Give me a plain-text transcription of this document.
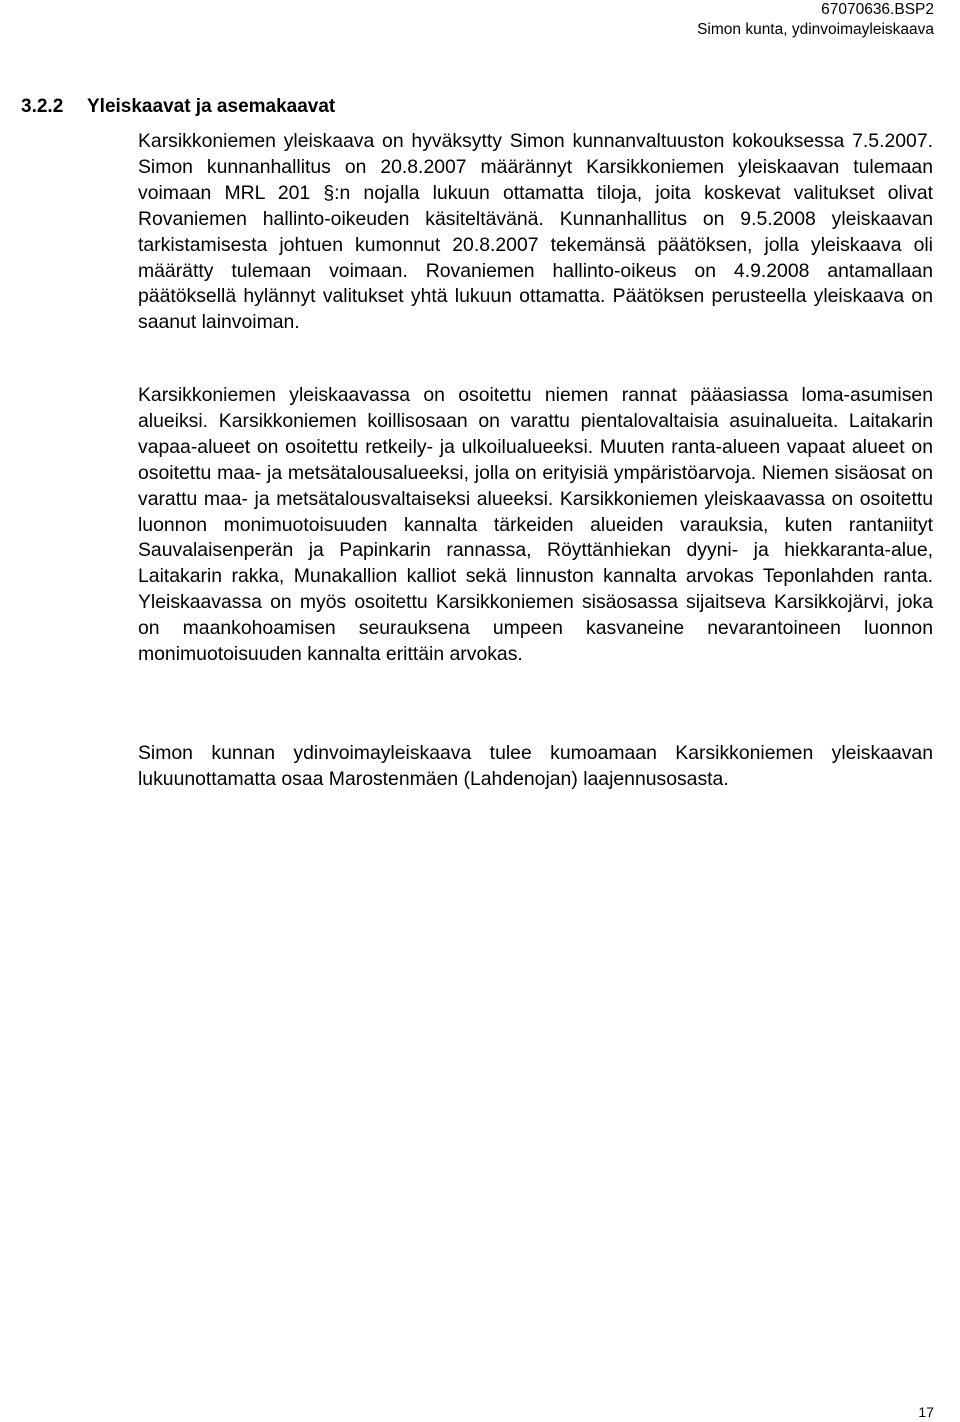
67070636.BSP2
Simon kunta, ydinvoimayleiskaava
3.2.2 Yleiskaavat ja asemakaavat

Karsikkoniemen yleiskaava on hyväksytty Simon kunnanvaltuuston kokouksessa 7.5.2007. Simon kunnanhallitus on 20.8.2007 määrännyt Karsikkoniemen yleiskaavan tulemaan voimaan MRL 201 §:n nojalla lukuun ottamatta tiloja, joita koskevat valitukset olivat Rovaniemen hallinto-oikeuden käsiteltävänä. Kunnanhallitus on 9.5.2008 yleiskaavan tarkistamisesta johtuen kumonnut 20.8.2007 tekemänsä päätöksen, jolla yleiskaava oli määrätty tulemaan voimaan. Rovaniemen hallinto-oikeus on 4.9.2008 antamallaan päätöksellä hylännyt valitukset yhtä lukuun ottamatta. Päätöksen perusteella yleiskaava on saanut lainvoiman.

Karsikkoniemen yleiskaavassa on osoitettu niemen rannat pääasiassa loma-asumisen alueiksi. Karsikkoniemen koillisosaan on varattu pientalovaltaisia asuinalueita. Laitakarin vapaa-alueet on osoitettu retkeily- ja ulkoilualueeksi. Muuten ranta-alueen vapaat alueet on osoitettu maa- ja metsätalousalueeksi, jolla on erityisiä ympäristöarvoja. Niemen sisäosat on varattu maa- ja metsätalousvaltaiseksi alueeksi. Karsikkoniemen yleiskaavassa on osoitettu luonnon monimuotoisuuden kannalta tärkeiden alueiden varauksia, kuten rantaniityt Sauvalaisenperän ja Papinkarin rannassa, Röyttänhiekan dyyni- ja hiekkaranta-alue, Laitakarin rakka, Munakallion kalliot sekä linnuston kannalta arvokas Teponlahden ranta. Yleiskaavassa on myös osoitettu Karsikkoniemen sisäosassa sijaitseva Karsikkojärvi, joka on maankohoamisen seurauksena umpeen kasvaneine nevarantoineen luonnon monimuotoisuuden kannalta erittäin arvokas.

Simon kunnan ydinvoimayleiskaava tulee kumoamaan Karsikkoniemen yleiskaavan lukuunottamatta osaa Marostenmäen (Lahdenojan) laajennusosasta.

17
